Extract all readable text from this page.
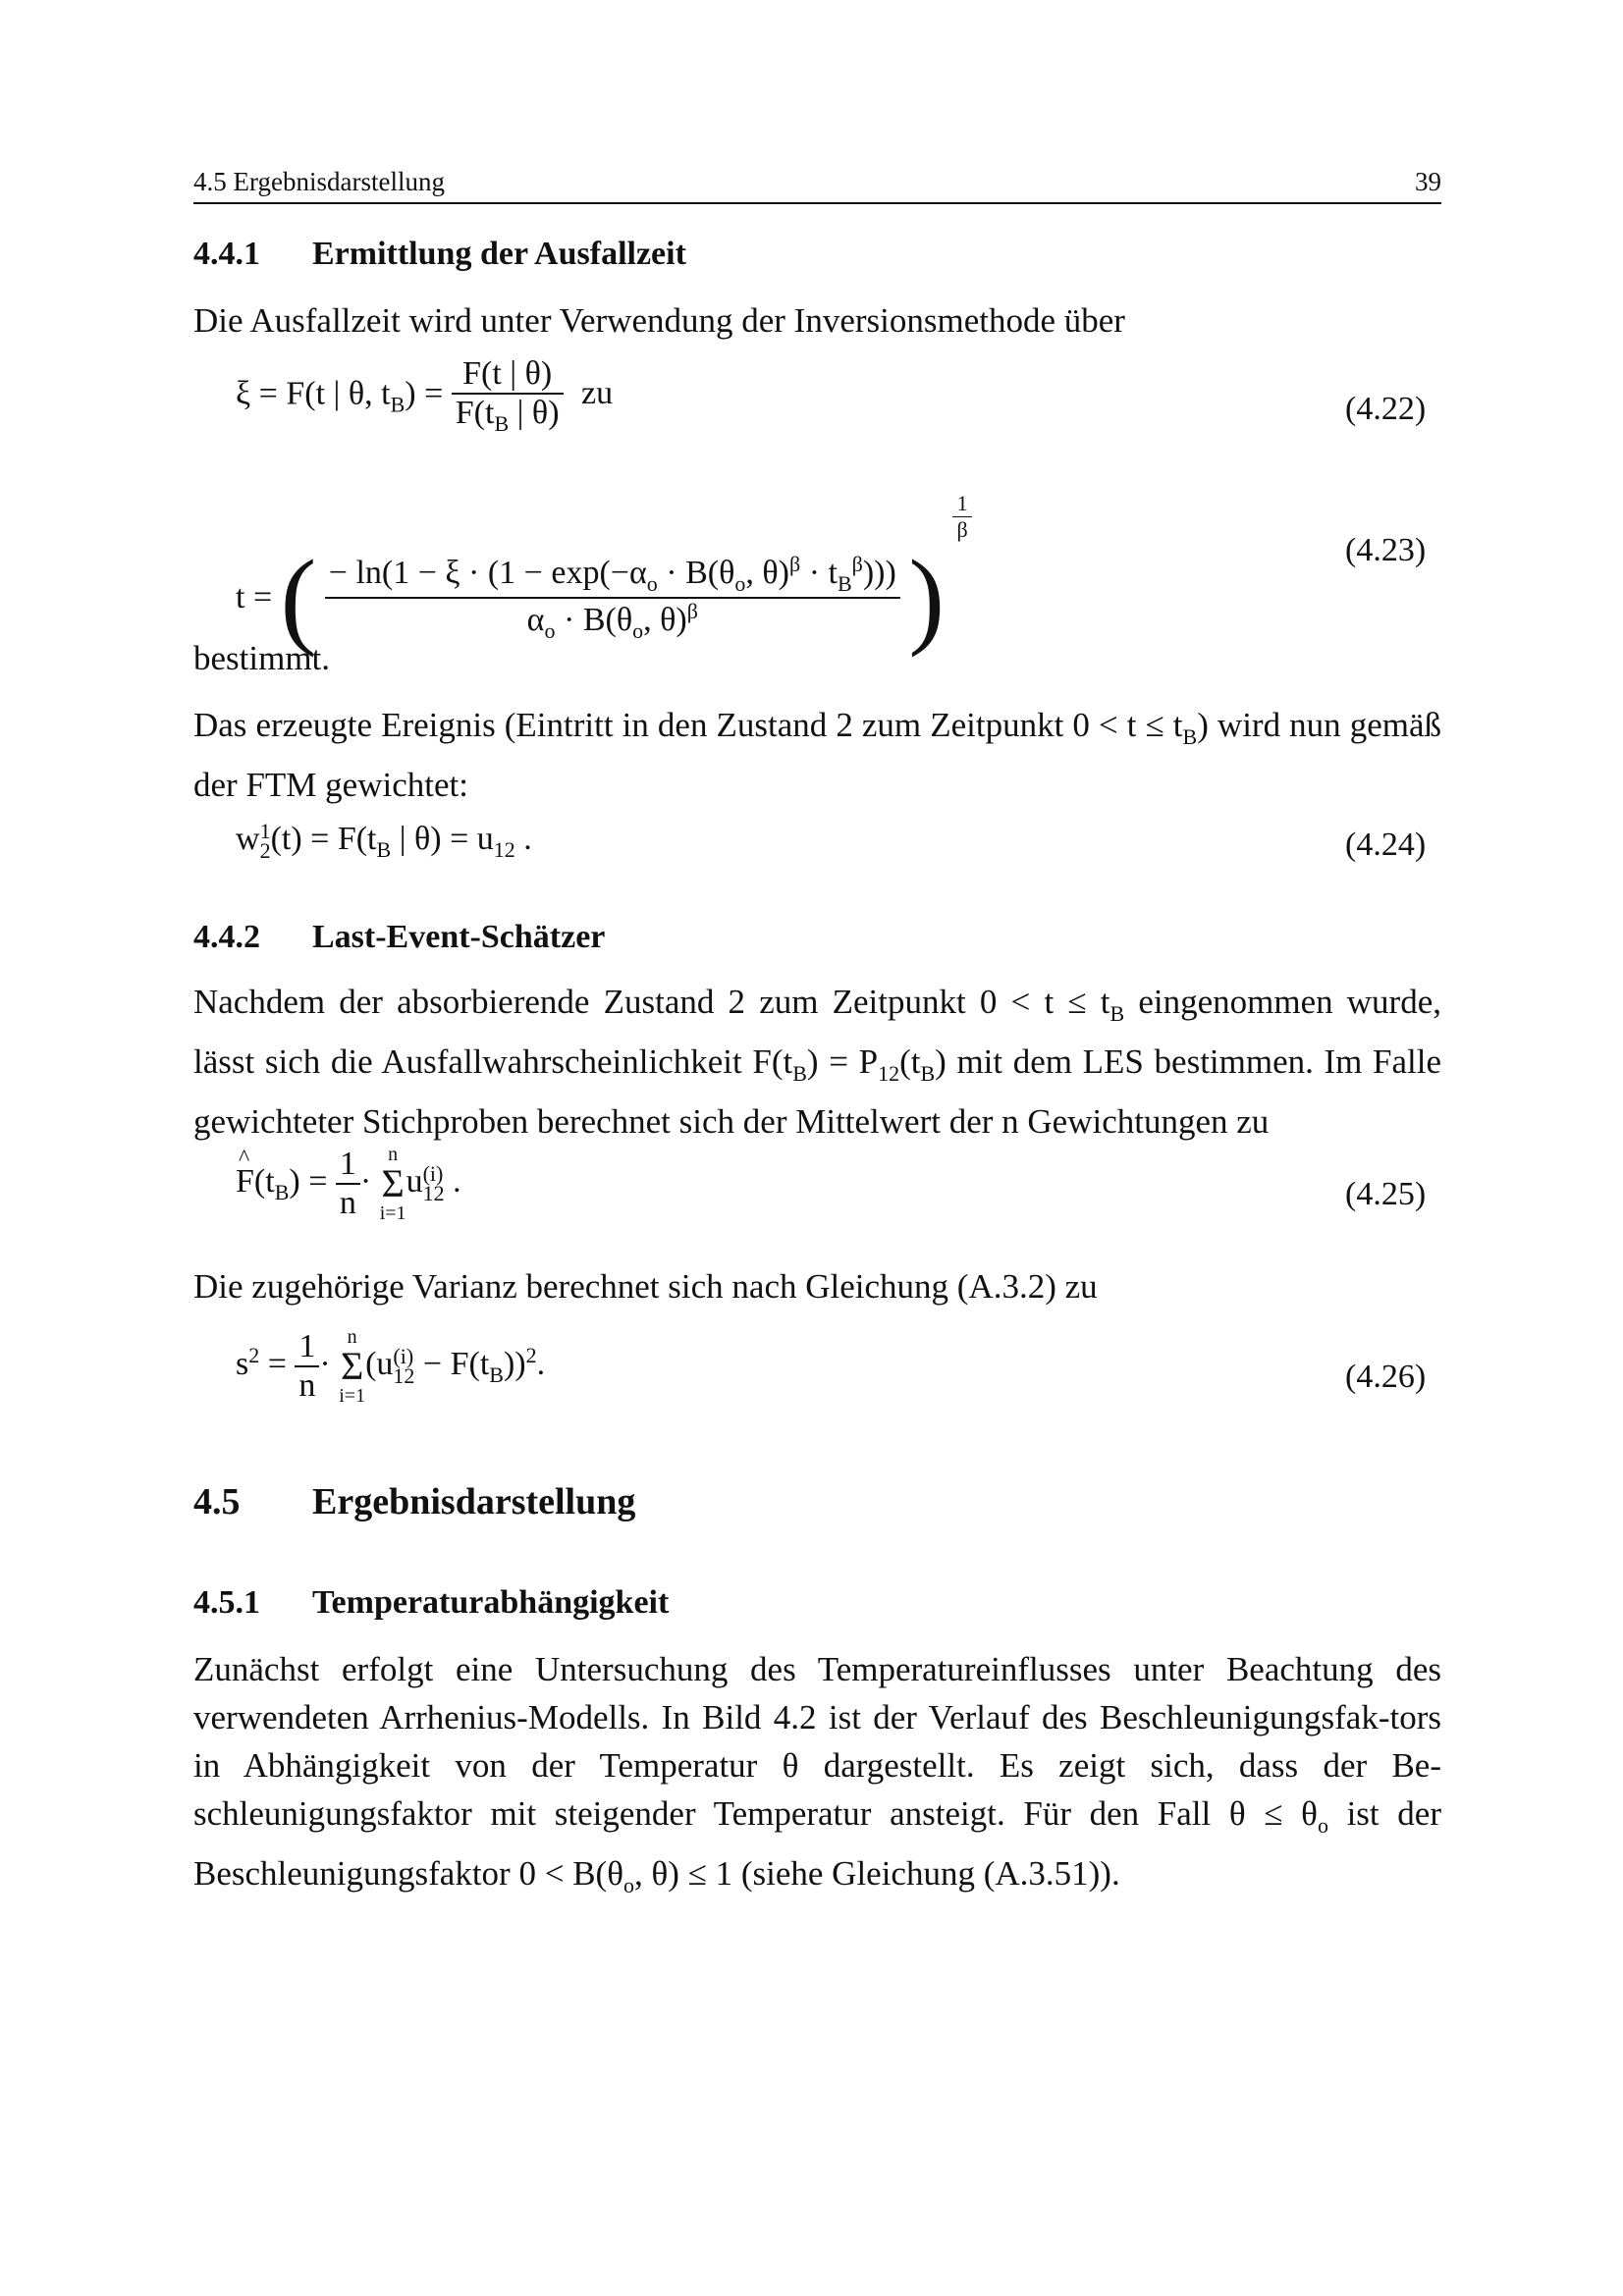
4.5 Ergebnisdarstellung	39
4.4.1 Ermittlung der Ausfallzeit
Die Ausfallzeit wird unter Verwendung der Inversionsmethode über
ξ = F(t | θ, $t_B) = \frac{F(t | \theta)}{F(t_B | \theta)}$ zu	(4.22)
t = ( $\frac{- \ln(1 - \xi \cdot (1 - \exp(-\alpha_o \cdot B(\theta_o, \theta)^\beta \cdot t_B^\beta)))}{\alpha_o \cdot B(\theta_o, \theta)^\beta}$ )
$\frac{1}{\beta}$
(4.23)
bestimmt.
Das erzeugte Ereignis (Eintritt in den Zustand 2 zum Zeitpunkt $0 < t \le t_B$) wird nun gemäß der FTM gewichtet:
w 1
2 $(t) = F(t_B$ | $\theta) = u_{12}$ .	(4.24)
4.4.2 Last-Event-Schätzer
Nachdem der absorbierende Zustand 2 zum Zeitpunkt $0 < t \le t_B$ eingenommen wurde, lässt sich die Ausfallwahrscheinlichkeit $F(t_B) = P_{12}(t_B)$ mit dem LES bestimmen. Im Falle gewichteter Stichproben berechnet sich der Mittelwert der n Gewichtungen zu
^ $F(t_B) = \frac{1}{n}$ ·
n
Σ
i=1
u (i)
12 .	(4.25)
Die zugehörige Varianz berechnet sich nach Gleichung (A.3.2) zu
$s^2 = \frac{1}{n}$ ·
n
Σ
i=1
(u (i)
$12 - F(t_B))^2$.	(4.26)
4.5 Ergebnisdarstellung
4.5.1 Temperaturabhängigkeit
Zunächst erfolgt eine Untersuchung des Temperatureinflusses unter Beachtung des verwendeten Arrhenius-Modells. In Bild 4.2 ist der Verlauf des Beschleunigungsfak-tors in Abhängigkeit von der Temperatur θ dargestellt. Es zeigt sich, dass der Be-schleunigungsfaktor mit steigender Temperatur ansteigt. Für den Fall $\theta \le \theta_o$ ist der Beschleunigungsfaktor $0 < B(\theta_o$, θ) ≤ 1 (siehe Gleichung (A.3.51)).
